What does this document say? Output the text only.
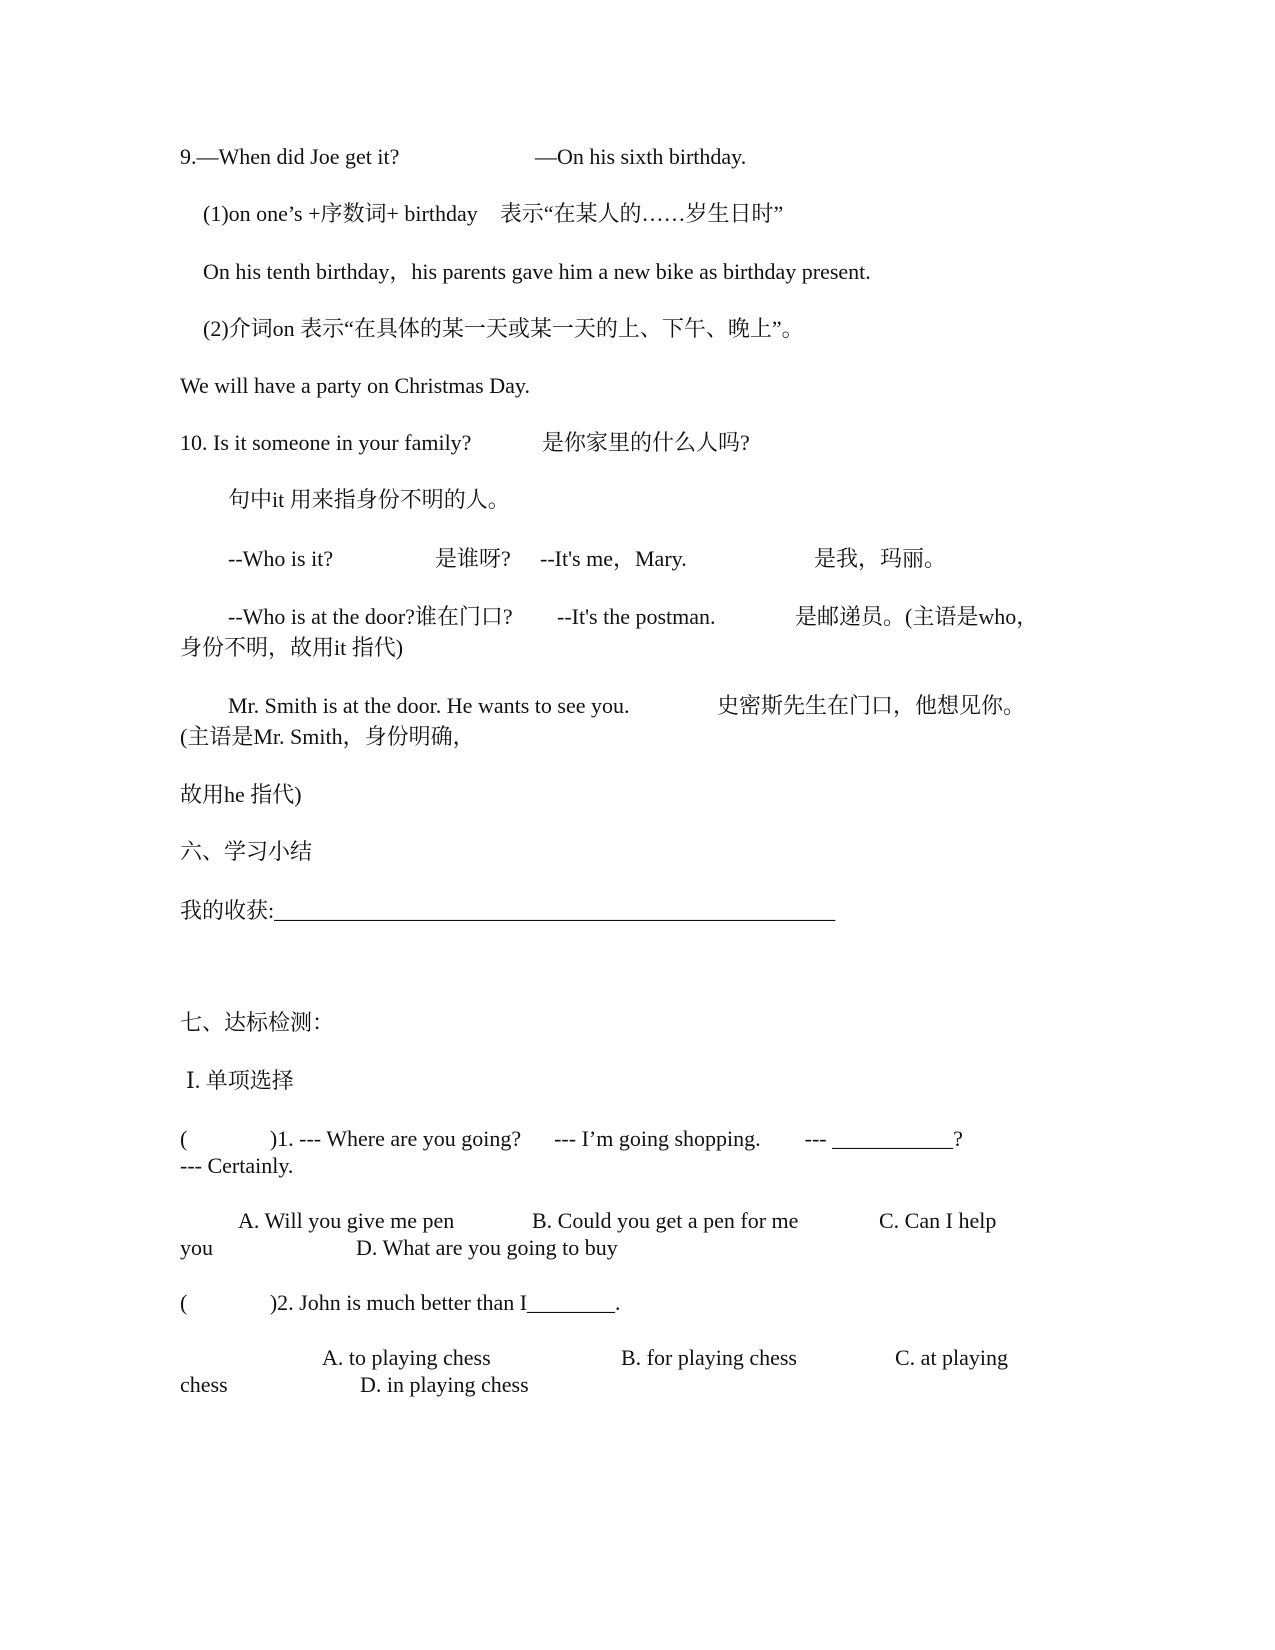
9.—When did Joe get it?	—On his sixth birthday.
(1)on one’s +序数词+ birthday　表示“在某人的……岁生日时”
On his tenth birthday，his parents gave him a new bike as birthday present.
(2)介词on 表示“在具体的某一天或某一天的上、下午、晚上”。
We will have a party on Christmas Day.
10. Is it someone in your family?	是你家里的什么人吗?
句中it 用来指身份不明的人。
--Who is it?	是谁呀? --It's me，Mary.	是我，玛丽。
--Who is at the door?谁在门口? --It's the postman.	是邮递员。(主语是who，
身份不明，故用it 指代)
Mr. Smith is at the door. He wants to see you.	史密斯先生在门口，他想见你。
(主语是Mr. Smith，身份明确，
故用he 指代)
六、学习小结
我的收获:___________________________________________________
七、达标检测：
Ⅰ. 单项选择
(               )1. --- Where are you going?      --- I’m going shopping.        --- ___________?
--- Certainly.
A. Will you give me pen	B. Could you get a pen for me	C. Can I help
you	D. What are you going to buy
(               )2. John is much better than I________.
A. to playing chess	B. for playing chess	C. at playing
chess	D. in playing chess
